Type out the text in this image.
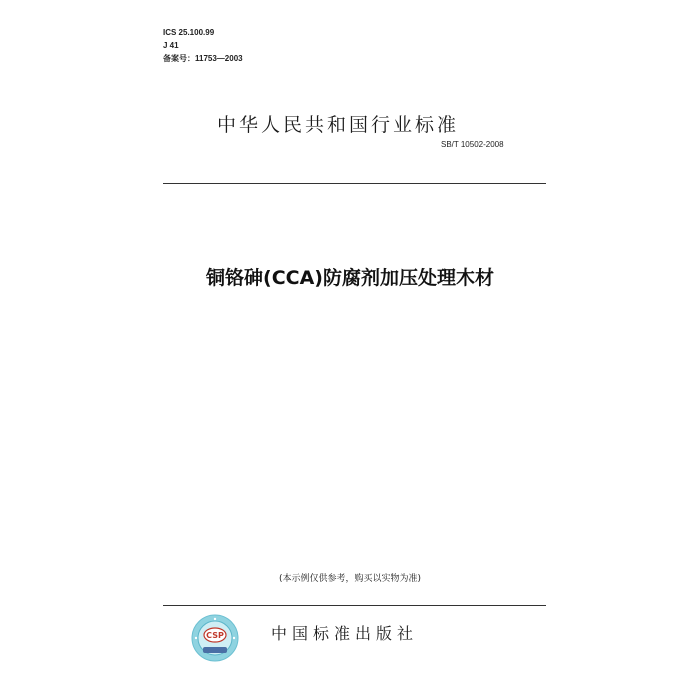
ICS 25.100.99
J 41
备案号：11753—2003
中华人民共和国行业标准
SB/T 10502-2008
铜铬砷(CCA)防腐剂加压处理木材
(本示例仅供参考，购买以实物为准)
CSP	中国标准出版社
